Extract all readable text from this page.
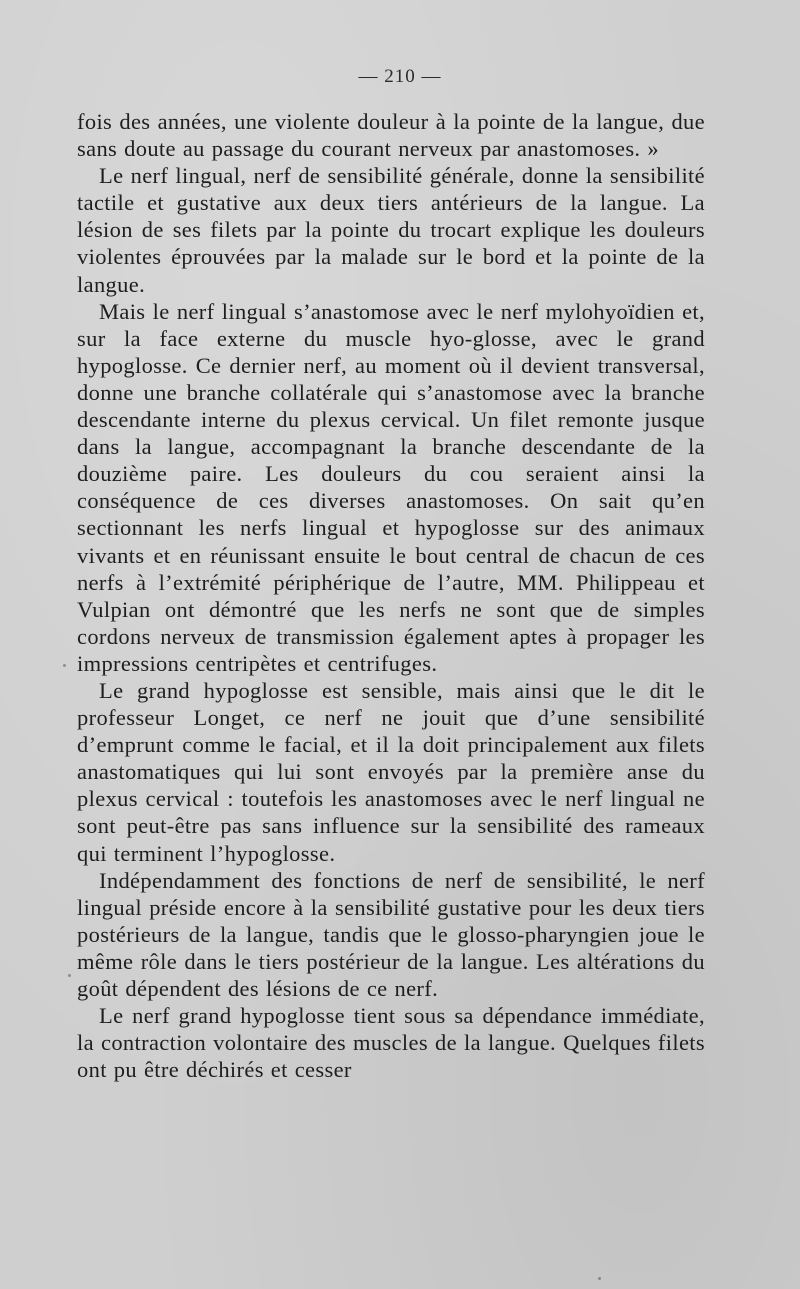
— 210 —

fois des années, une violente douleur à la pointe de la langue, due sans doute au passage du courant nerveux par anastomoses. »

Le nerf lingual, nerf de sensibilité générale, donne la sensibilité tactile et gustative aux deux tiers antérieurs de la langue. La lésion de ses filets par la pointe du trocart explique les douleurs violentes éprouvées par la malade sur le bord et la pointe de la langue.

Mais le nerf lingual s’anastomose avec le nerf mylohyoïdien et, sur la face externe du muscle hyo-glosse, avec le grand hypoglosse. Ce dernier nerf, au moment où il devient transversal, donne une branche collatérale qui s’anastomose avec la branche descendante interne du plexus cervical. Un filet remonte jusque dans la langue, accompagnant la branche descendante de la douzième paire. Les douleurs du cou seraient ainsi la conséquence de ces diverses anastomoses. On sait qu’en sectionnant les nerfs lingual et hypoglosse sur des animaux vivants et en réunissant ensuite le bout central de chacun de ces nerfs à l’extrémité périphérique de l’autre, MM. Philippeau et Vulpian ont démontré que les nerfs ne sont que de simples cordons nerveux de transmission également aptes à propager les impressions centripètes et centrifuges.

Le grand hypoglosse est sensible, mais ainsi que le dit le professeur Longet, ce nerf ne jouit que d’une sensibilité d’emprunt comme le facial, et il la doit principalement aux filets anastomatiques qui lui sont envoyés par la première anse du plexus cervical : toutefois les anastomoses avec le nerf lingual ne sont peut-être pas sans influence sur la sensibilité des rameaux qui terminent l’hypoglosse.

Indépendamment des fonctions de nerf de sensibilité, le nerf lingual préside encore à la sensibilité gustative pour les deux tiers postérieurs de la langue, tandis que le glosso-pharyngien joue le même rôle dans le tiers postérieur de la langue. Les altérations du goût dépendent des lésions de ce nerf.

Le nerf grand hypoglosse tient sous sa dépendance immédiate, la contraction volontaire des muscles de la langue. Quelques filets ont pu être déchirés et cesser
